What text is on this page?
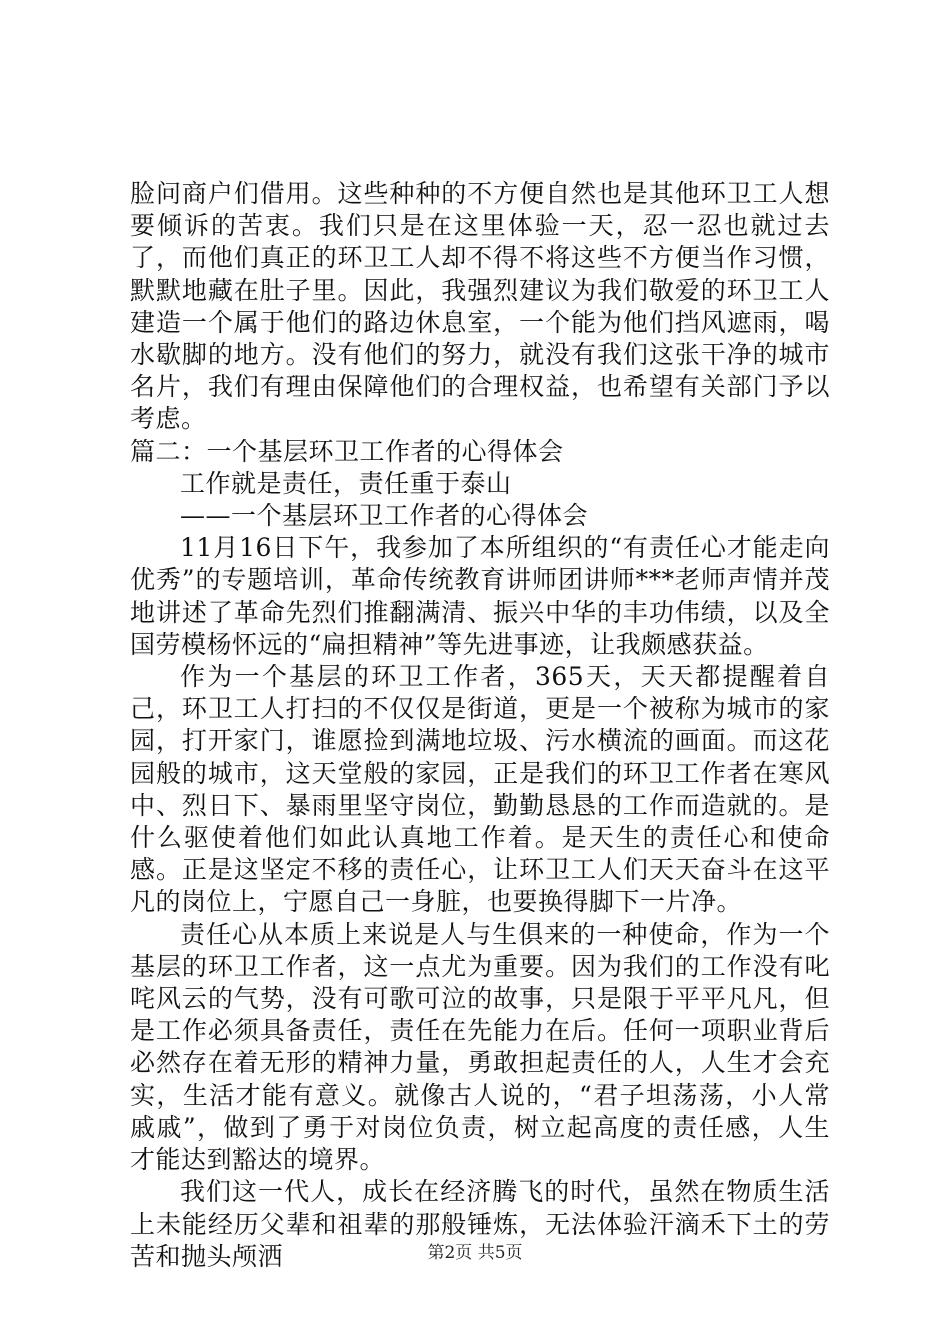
脸问商户们借用。这些种种的不方便自然也是其他环卫工人想要倾诉的苦衷。我们只是在这里体验一天，忍一忍也就过去了，而他们真正的环卫工人却不得不将这些不方便当作习惯，默默地藏在肚子里。因此，我强烈建议为我们敬爱的环卫工人建造一个属于他们的路边休息室，一个能为他们挡风遮雨，喝水歇脚的地方。没有他们的努力，就没有我们这张干净的城市名片，我们有理由保障他们的合理权益，也希望有关部门予以考虑。

篇二：一个基层环卫工作者的心得体会

工作就是责任，责任重于泰山

——一个基层环卫工作者的心得体会

11月16日下午，我参加了本所组织的“有责任心才能走向优秀”的专题培训，革命传统教育讲师团讲师***老师声情并茂地讲述了革命先烈们推翻满清、振兴中华的丰功伟绩，以及全国劳模杨怀远的“扁担精神”等先进事迹，让我颇感获益。

作为一个基层的环卫工作者，365天，天天都提醒着自己，环卫工人打扫的不仅仅是街道，更是一个被称为城市的家园，打开家门，谁愿捡到满地垃圾、污水横流的画面。而这花园般的城市，这天堂般的家园，正是我们的环卫工作者在寒风中、烈日下、暴雨里坚守岗位，勤勤恳恳的工作而造就的。是什么驱使着他们如此认真地工作着。是天生的责任心和使命感。正是这坚定不移的责任心，让环卫工人们天天奋斗在这平凡的岗位上，宁愿自己一身脏，也要换得脚下一片净。

责任心从本质上来说是人与生俱来的一种使命，作为一个基层的环卫工作者，这一点尤为重要。因为我们的工作没有叱咤风云的气势，没有可歌可泣的故事，只是限于平平凡凡，但是工作必须具备责任，责任在先能力在后。任何一项职业背后必然存在着无形的精神力量，勇敢担起责任的人，人生才会充实，生活才能有意义。就像古人说的，“君子坦荡荡，小人常戚戚”，做到了勇于对岗位负责，树立起高度的责任感，人生才能达到豁达的境界。

我们这一代人，成长在经济腾飞的时代，虽然在物质生活上未能经历父辈和祖辈的那般锤炼，无法体验汗滴禾下土的劳苦和抛头颅洒	第2页 共5页
